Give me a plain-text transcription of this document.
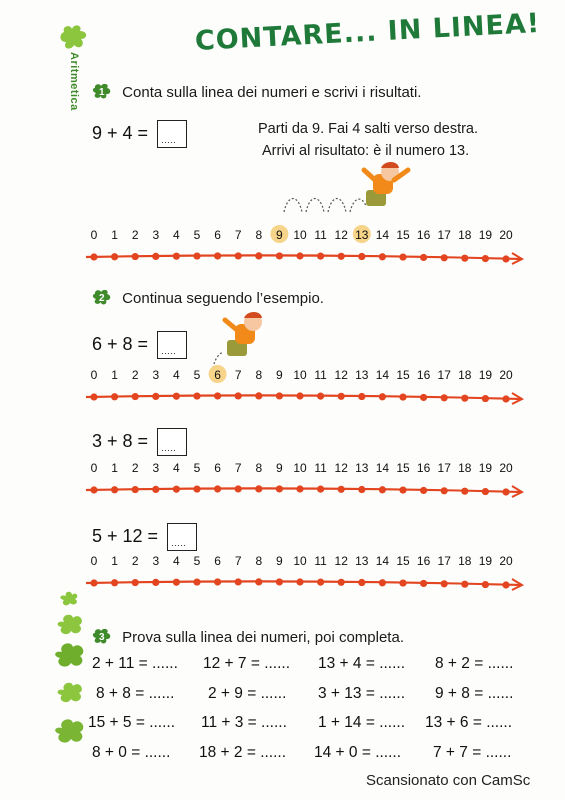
Aritmetica
CONTARE... IN LINEA!
1 Conta sulla linea dei numeri e scrivi i risultati.
9 + 4 = .....
Parti da 9. Fai 4 salti verso destra.
Arrivi al risultato: è il numero 13.
0 1 2 3 4 5 6 7 8 9 10 11 12 13 14 15 16 17 18 19 20
2 Continua seguendo l’esempio.
6 + 8 = .....
0 1 2 3 4 5 6 7 8 9 10 11 12 13 14 15 16 17 18 19 20
3 + 8 = .....
0 1 2 3 4 5 6 7 8 9 10 11 12 13 14 15 16 17 18 19 20
5 + 12 = .....
0 1 2 3 4 5 6 7 8 9 10 11 12 13 14 15 16 17 18 19 20
3 Prova sulla linea dei numeri, poi completa.
2 + 11 = ...... 12 + 7 = ...... 13 + 4 = ...... 8 + 2 = ......
8 + 8 = ...... 2 + 9 = ...... 3 + 13 = ...... 9 + 8 = ......
15 + 5 = ...... 11 + 3 = ...... 1 + 14 = ...... 13 + 6 = ......
8 + 0 = ...... 18 + 2 = ...... 14 + 0 = ...... 7 + 7 = ......
Scansionato con CamSc
